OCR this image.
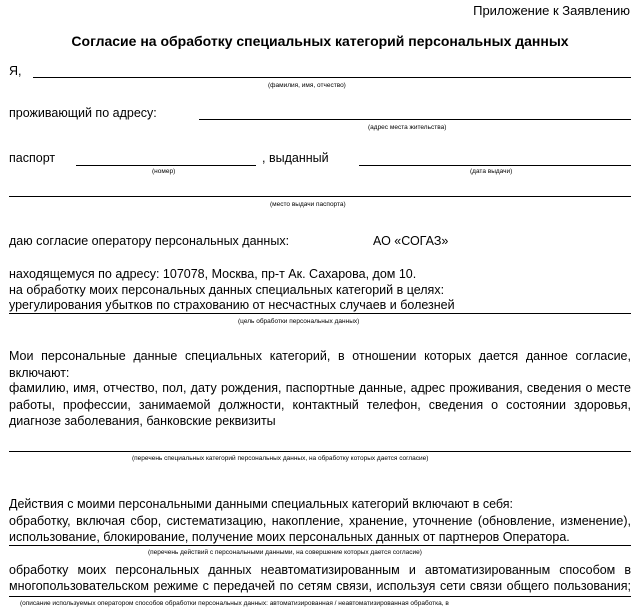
Приложение к Заявлению
Согласие на обработку специальных категорий персональных данных
Я,
(фамилия, имя, отчество)
проживающий по адресу:
(адрес места жительства)
паспорт	, выданный
(номер)	(дата выдачи)
(место выдачи паспорта)
даю согласие оператору персональных данных:	АО «СОГАЗ»
находящемуся по адресу: 107078, Москва, пр-т Ак. Сахарова, дом 10.
на обработку моих персональных данных специальных категорий в целях:
урегулирования убытков по страхованию от несчастных случаев и болезней
(цель обработки персональных данных)
Мои персональные данные специальных категорий, в отношении которых дается данное согласие,
включают:
фамилию, имя, отчество, пол, дату рождения, паспортные данные, адрес проживания, сведения о месте
работы, профессии, занимаемой должности, контактный телефон, сведения о состоянии здоровья,
диагнозе заболевания, банковские реквизиты
(перечень специальных категорий персональных данных, на обработку которых дается согласие)
Действия с моими персональными данными специальных категорий включают в себя:
обработку, включая сбор, систематизацию, накопление, хранение, уточнение (обновление, изменение),
использование, блокирование, получение моих персональных данных от партнеров Оператора.
(перечень действий с персональными данными, на совершение которых дается согласие)
обработку моих персональных данных неавтоматизированным и автоматизированным способом в
многопользовательском режиме с передачей по сетям связи, используя сети связи общего пользования;
(описание используемых оператором способов обработки персональных данных: автоматизированная / неавтоматизированная обработка, в
